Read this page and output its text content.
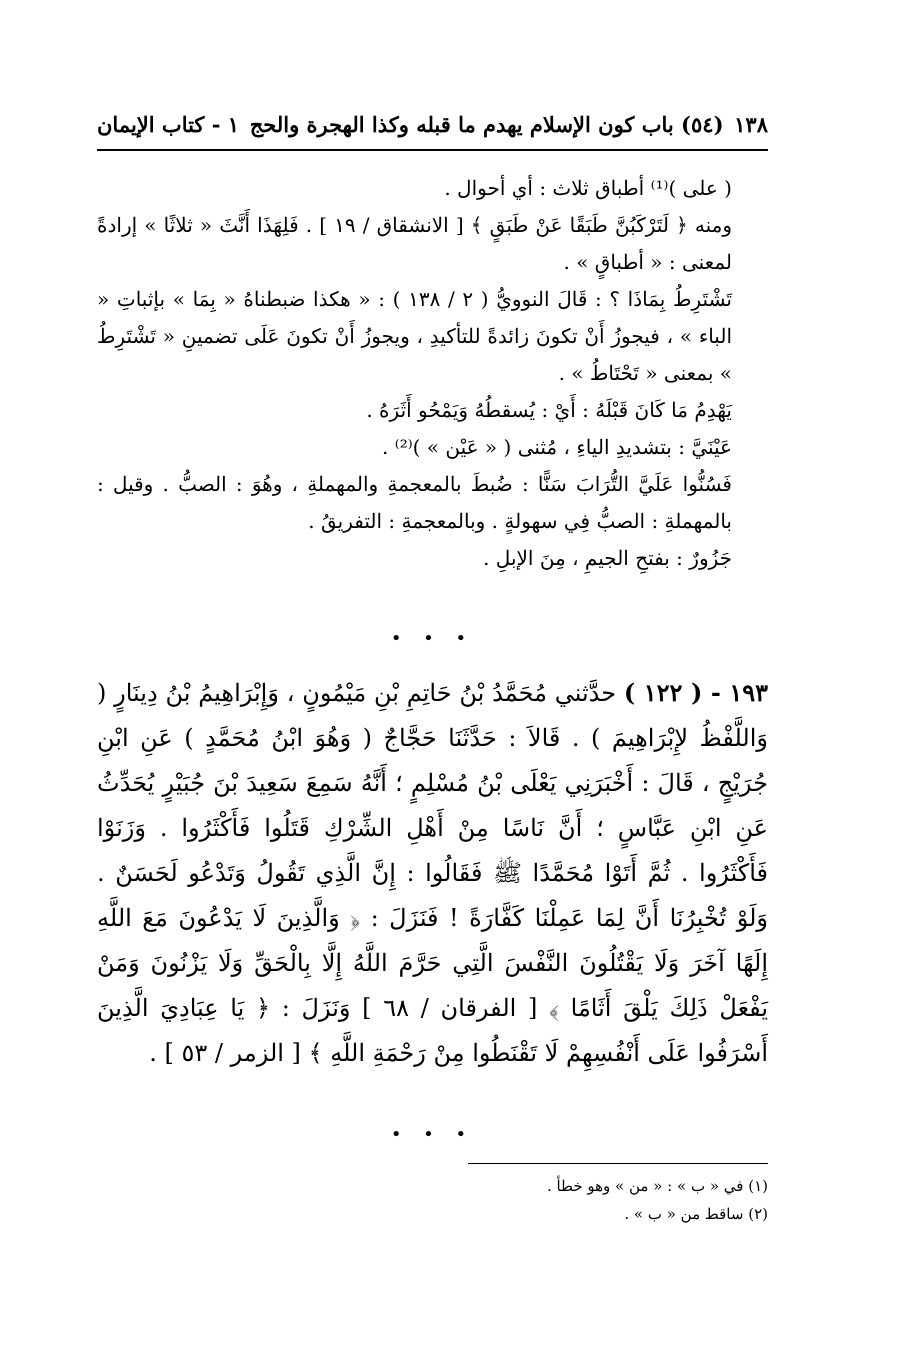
١٣٨
(٥٤) باب كون الإسلام يهدم ما قبله وكذا الهجرة والحج
١ - كتاب الإيمان

( على )⁽¹⁾ أطباق ثلاث : أي أحوال .

ومنه ﴿ لَتَرْكَبُنَّ طَبَقًا عَنْ طَبَقٍ ﴾ [ الانشقاق / ١٩ ] . فَلِهَذَا أَنَّثَ « ثلاثًا » إرادةً لمعنى : « أطباقٍ » .

تَشْتَرِطُ بِمَاذَا ؟ : قَالَ النوويُّ ( ٢ / ١٣٨ ) : « هكذا ضبطناهُ « بِمَا » بإثباتِ « الباء » ، فيجوزُ أَنْ تكونَ زائدةً للتأكيدِ ، ويجوزُ أَنْ تكونَ عَلَى تضمينِ « تَشْتَرِطُ » بمعنى « تَحْتَاطُ » .

يَهْدِمُ مَا كَانَ قَبْلَهُ : أَيْ : يُسقطُهُ وَيَمْحُو أَثَرَهُ .

عَيْنَيَّ : بتشديدِ الياءِ ، مُثنى ( « عَيْن » )⁽²⁾ .

فَسُنُّوا عَلَيَّ التُّرَابَ سَنًّا : ضُبطَ بالمعجمةِ والمهملةِ ، وهُوَ : الصبُّ . وقيل : بالمهملةِ : الصبُّ فِي سهولةٍ . وبالمعجمةِ : التفريقُ .

جَزُورٌ : بفتحِ الجيمِ ، مِنَ الإبلِ .

• • •

١٩٣ - ( ١٢٢ ) حدَّثني مُحَمَّدُ بْنُ حَاتِمِ بْنِ مَيْمُونٍ ، وَإِبْرَاهِيمُ بْنُ دِينَارٍ ( وَاللَّفْظُ لإِبْرَاهِيمَ ) . قَالاَ : حَدَّثَنَا حَجَّاجٌ ( وَهُوَ ابْنُ مُحَمَّدٍ ) عَنِ ابْنِ جُرَيْجٍ ، قَالَ : أَخْبَرَنِي يَعْلَى بْنُ مُسْلِمٍ ؛ أَنَّهُ سَمِعَ سَعِيدَ بْنَ جُبَيْرٍ يُحَدِّثُ عَنِ ابْنِ عَبَّاسٍ ؛ أَنَّ نَاسًا مِنْ أَهْلِ الشِّرْكِ قَتَلُوا فَأَكْثَرُوا . وَزَنَوْا فَأَكْثَرُوا . ثُمَّ أَتَوْا مُحَمَّدًا ﷺ فَقَالُوا : إِنَّ الَّذِي تَقُولُ وَتَدْعُو لَحَسَنٌ . وَلَوْ تُخْبِرُنَا أَنَّ لِمَا عَمِلْنَا كَفَّارَةً ! فَنَزَلَ : ﴿ وَالَّذِينَ لَا يَدْعُونَ مَعَ اللَّهِ إِلَهًا آخَرَ وَلَا يَقْتُلُونَ النَّفْسَ الَّتِي حَرَّمَ اللَّهُ إِلَّا بِالْحَقِّ وَلَا يَزْنُونَ وَمَنْ يَفْعَلْ ذَلِكَ يَلْقَ أَثَامًا ﴾ [ الفرقان / ٦٨ ] وَنَزَلَ : ﴿ يَا عِبَادِيَ الَّذِينَ أَسْرَفُوا عَلَى أَنْفُسِهِمْ لَا تَقْنَطُوا مِنْ رَحْمَةِ اللَّهِ ﴾ [ الزمر / ٥٣ ] .

• • •

(١) في « ب » : « من » وهو خطأ .

(٢) ساقط من « ب » .
